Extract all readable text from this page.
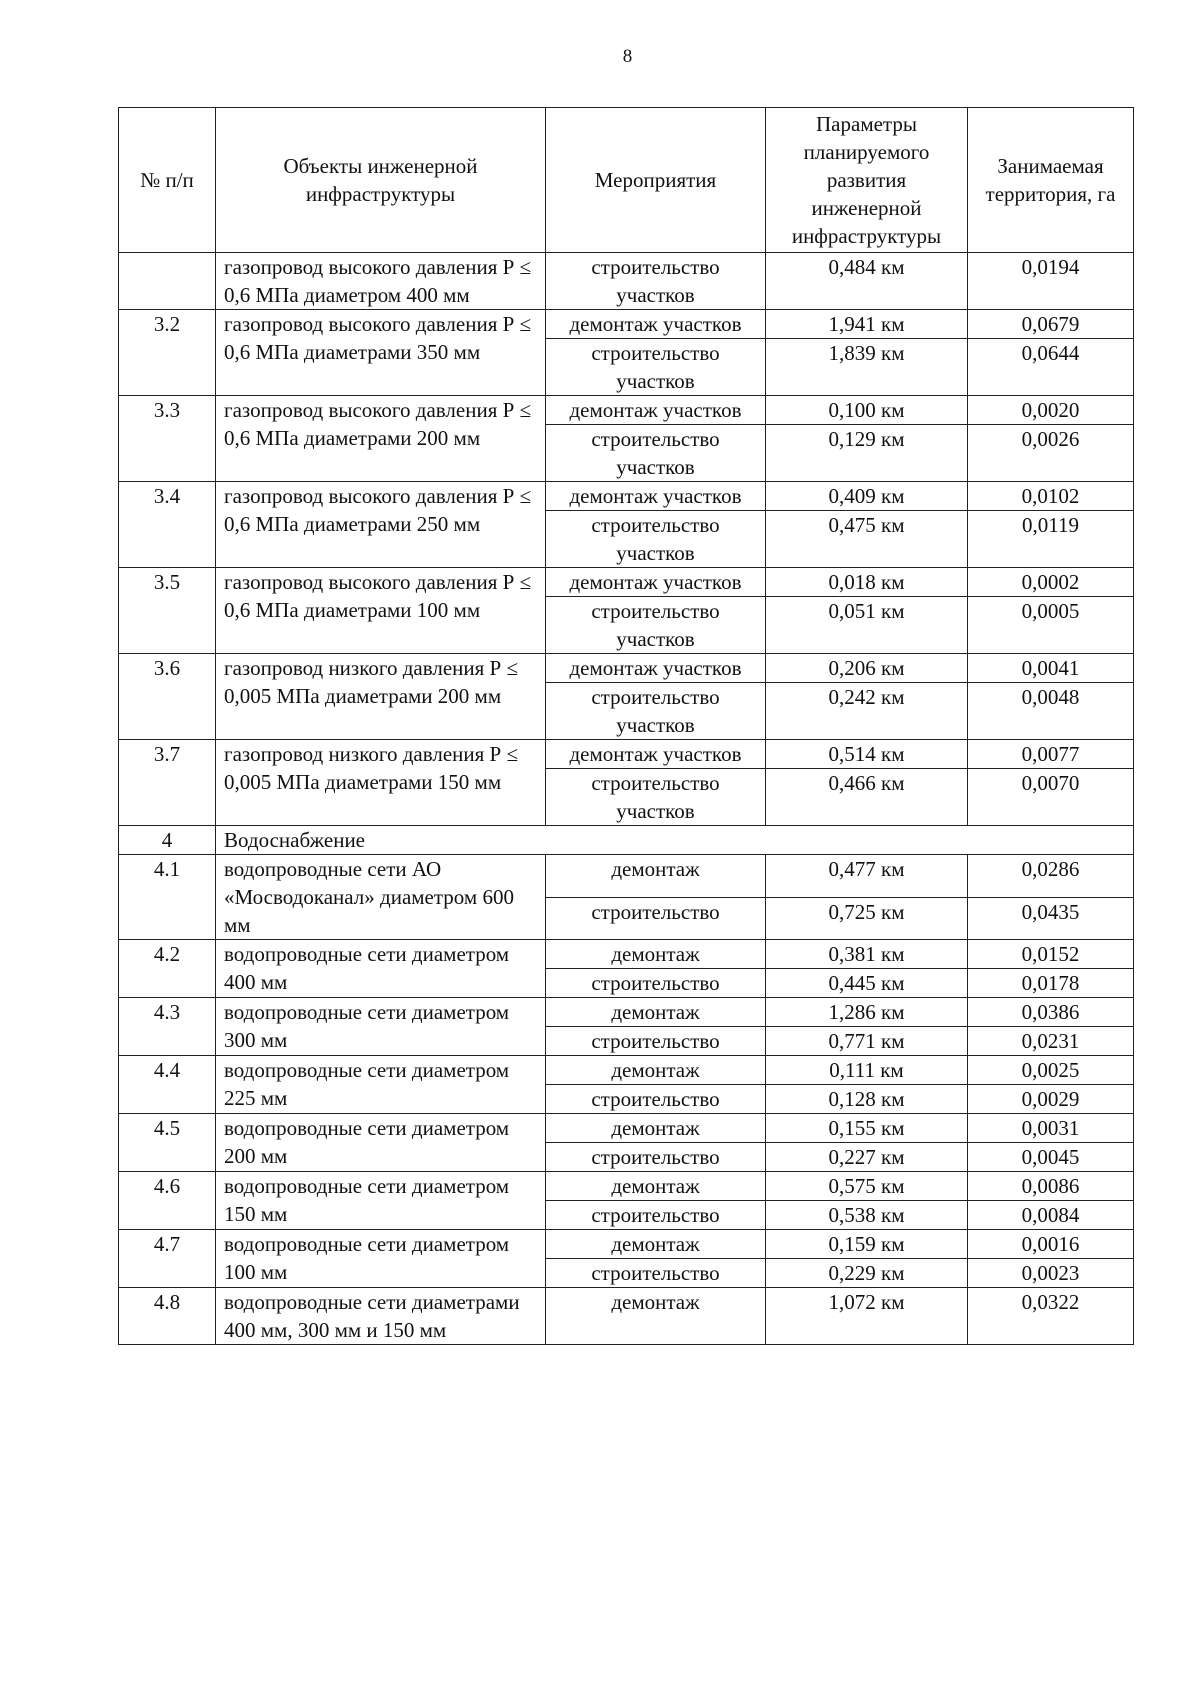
8
№ п/п	Объекты инженерной инфраструктуры	Мероприятия	Параметры планируемого развития инженерной инфраструктуры	Занимаемая территория, га
	газопровод высокого давления Р ≤ 0,6 МПа диаметром 400 мм	строительство участков	0,484 км	0,0194
3.2	газопровод высокого давления Р ≤ 0,6 МПа диаметрами 350 мм	демонтаж участков	1,941 км	0,0679
		строительство участков	1,839 км	0,0644
3.3	газопровод высокого давления Р ≤ 0,6 МПа диаметрами 200 мм	демонтаж участков	0,100 км	0,0020
		строительство участков	0,129 км	0,0026
3.4	газопровод высокого давления Р ≤ 0,6 МПа диаметрами 250 мм	демонтаж участков	0,409 км	0,0102
		строительство участков	0,475 км	0,0119
3.5	газопровод высокого давления Р ≤ 0,6 МПа диаметрами 100 мм	демонтаж участков	0,018 км	0,0002
		строительство участков	0,051 км	0,0005
3.6	газопровод низкого давления Р ≤ 0,005 МПа диаметрами 200 мм	демонтаж участков	0,206 км	0,0041
		строительство участков	0,242 км	0,0048
3.7	газопровод низкого давления Р ≤ 0,005 МПа диаметрами 150 мм	демонтаж участков	0,514 км	0,0077
		строительство участков	0,466 км	0,0070
4	Водоснабжение			
4.1	водопроводные сети АО «Мосводоканал» диаметром 600 мм	демонтаж	0,477 км	0,0286
		строительство	0,725 км	0,0435
4.2	водопроводные сети диаметром 400 мм	демонтаж	0,381 км	0,0152
		строительство	0,445 км	0,0178
4.3	водопроводные сети диаметром 300 мм	демонтаж	1,286 км	0,0386
		строительство	0,771 км	0,0231
4.4	водопроводные сети диаметром 225 мм	демонтаж	0,111 км	0,0025
		строительство	0,128 км	0,0029
4.5	водопроводные сети диаметром 200 мм	демонтаж	0,155 км	0,0031
		строительство	0,227 км	0,0045
4.6	водопроводные сети диаметром 150 мм	демонтаж	0,575 км	0,0086
		строительство	0,538 км	0,0084
4.7	водопроводные сети диаметром 100 мм	демонтаж	0,159 км	0,0016
		строительство	0,229 км	0,0023
4.8	водопроводные сети диаметрами 400 мм, 300 мм и 150 мм	демонтаж	1,072 км	0,0322
